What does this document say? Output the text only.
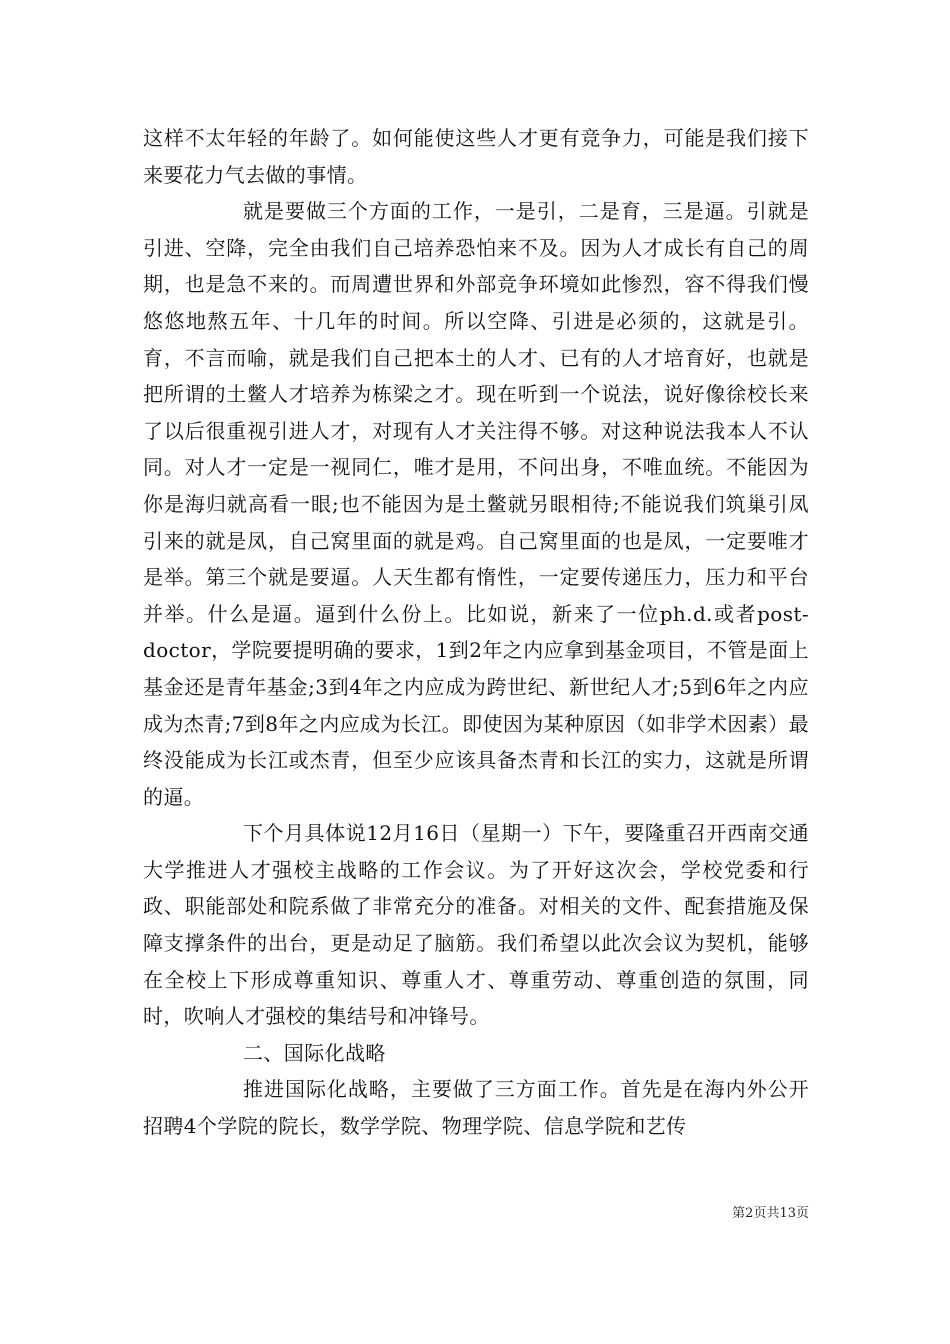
这样不太年轻的年龄了。如何能使这些人才更有竞争力，可能是我们接下来要花力气去做的事情。

就是要做三个方面的工作，一是引，二是育，三是逼。引就是引进、空降，完全由我们自己培养恐怕来不及。因为人才成长有自己的周期，也是急不来的。而周遭世界和外部竞争环境如此惨烈，容不得我们慢悠悠地熬五年、十几年的时间。所以空降、引进是必须的，这就是引。育，不言而喻，就是我们自己把本土的人才、已有的人才培育好，也就是把所谓的土鳖人才培养为栋梁之才。现在听到一个说法，说好像徐校长来了以后很重视引进人才，对现有人才关注得不够。对这种说法我本人不认同。对人才一定是一视同仁，唯才是用，不问出身，不唯血统。不能因为你是海归就高看一眼;也不能因为是土鳖就另眼相待;不能说我们筑巢引凤引来的就是凤，自己窝里面的就是鸡。自己窝里面的也是凤，一定要唯才是举。第三个就是要逼。人天生都有惰性，一定要传递压力，压力和平台并举。什么是逼。逼到什么份上。比如说，新来了一位ph.d.或者post-doctor，学院要提明确的要求，1到2年之内应拿到基金项目，不管是面上基金还是青年基金;3到4年之内应成为跨世纪、新世纪人才;5到6年之内应成为杰青;7到8年之内应成为长江。即使因为某种原因（如非学术因素）最终没能成为长江或杰青，但至少应该具备杰青和长江的实力，这就是所谓的逼。

下个月具体说12月16日（星期一）下午，要隆重召开西南交通大学推进人才强校主战略的工作会议。为了开好这次会，学校党委和行政、职能部处和院系做了非常充分的准备。对相关的文件、配套措施及保障支撑条件的出台，更是动足了脑筋。我们希望以此次会议为契机，能够在全校上下形成尊重知识、尊重人才、尊重劳动、尊重创造的氛围，同时，吹响人才强校的集结号和冲锋号。

二、国际化战略

推进国际化战略，主要做了三方面工作。首先是在海内外公开招聘4个学院的院长，数学学院、物理学院、信息学院和艺传

第2页共13页
